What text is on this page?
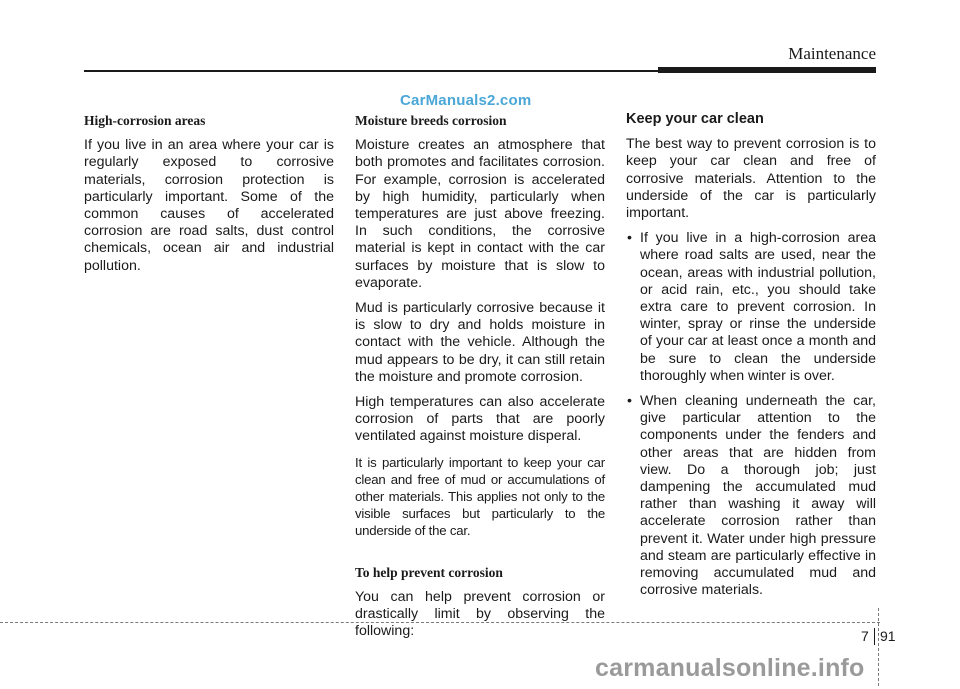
Maintenance
CarManuals2.com
High-corrosion areas

If you live in an area where your car is regularly exposed to corrosive materials, corrosion protection is particularly important. Some of the common causes of accelerated corrosion are road salts, dust control chemicals, ocean air and industrial pollution.

Moisture breeds corrosion

Moisture creates an atmosphere that both promotes and facilitates corrosion. For example, corrosion is accelerated by high humidity, particularly when temperatures are just above freezing. In such conditions, the corrosive material is kept in contact with the car surfaces by moisture that is slow to evaporate.

Mud is particularly corrosive because it is slow to dry and holds moisture in contact with the vehicle. Although the mud appears to be dry, it can still retain the moisture and promote corrosion.

High temperatures can also accelerate corrosion of parts that are poorly ventilated against moisture disperal.

It is particularly important to keep your car clean and free of mud or accumulations of other materials. This applies not only to the visible surfaces but particularly to the underside of the car.

To help prevent corrosion

You can help prevent corrosion or drastically limit by observing the following:

Keep your car clean

The best way to prevent corrosion is to keep your car clean and free of corrosive materials. Attention to the underside of the car is particularly important.

• If you live in a high-corrosion area where road salts are used, near the ocean, areas with industrial pollution, or acid rain, etc., you should take extra care to prevent corrosion. In winter, spray or rinse the underside of your car at least once a month and be sure to clean the underside thoroughly when winter is over.
• When cleaning underneath the car, give particular attention to the components under the fenders and other areas that are hidden from view. Do a thorough job; just dampening the accumulated mud rather than washing it away will accelerate corrosion rather than prevent it. Water under high pressure and steam are particularly effective in removing accumulated mud and corrosive materials.
7 91
carmanualsonline.info
